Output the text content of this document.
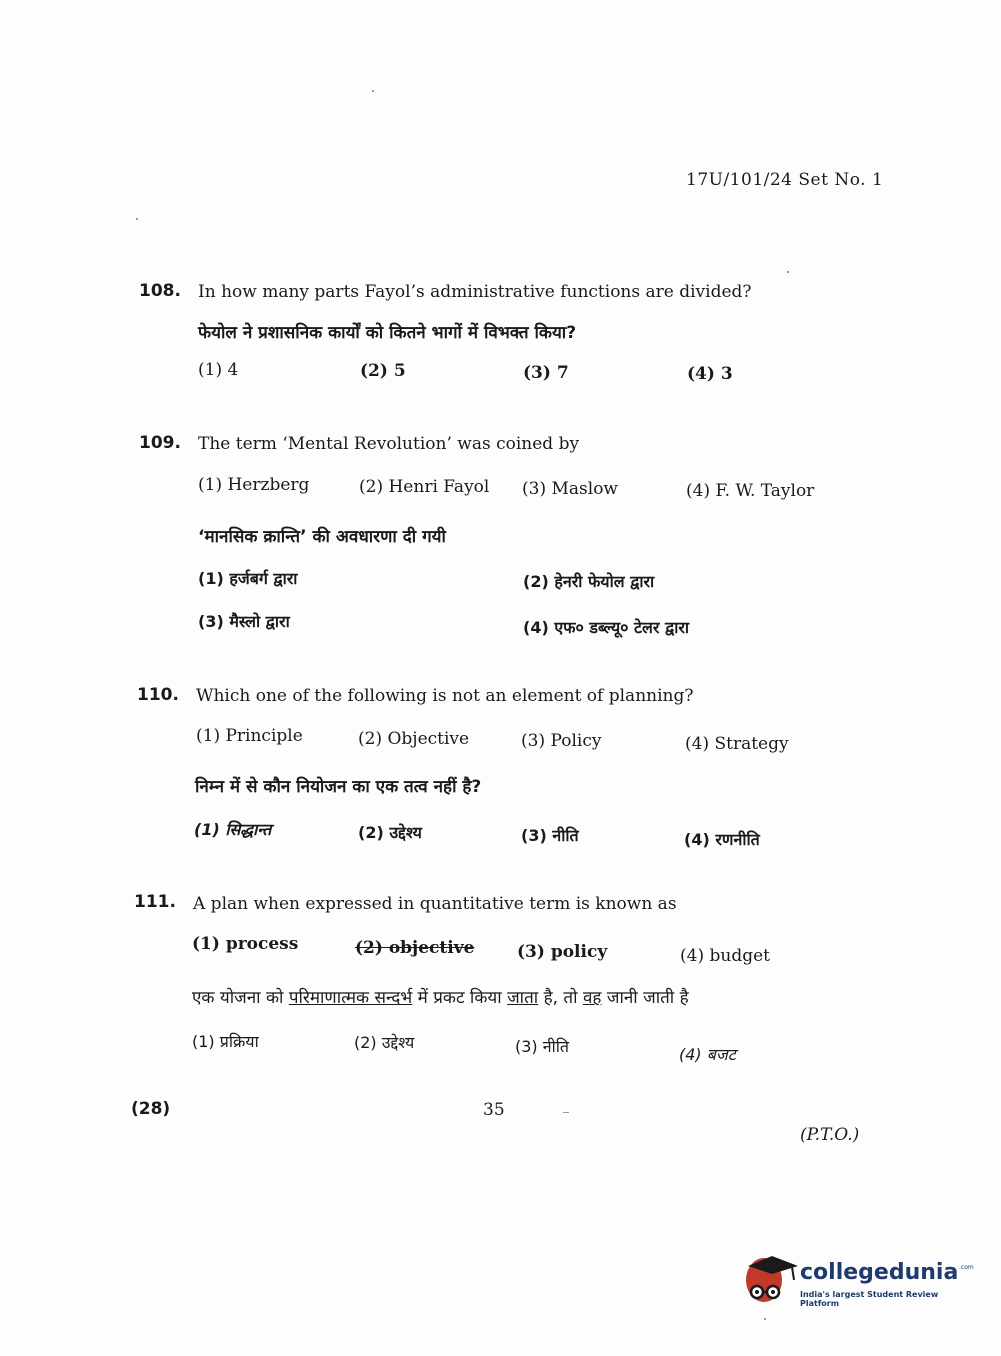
17U/101/24 Set No. 1
108. In how many parts Fayol’s administrative functions are divided?
फेयोल ने प्रशासनिक कार्यों को कितने भागों में विभक्त किया?
(1) 4	(2) 5	(3) 7	(4) 3
109. The term ‘Mental Revolution’ was coined by
(1) Herzberg	(2) Henri Fayol (3) Maslow	(4) F. W. Taylor
‘मानसिक क्रान्ति’ की अवधारणा दी गयी
(1) हर्जबर्ग द्वारा	(2) हेनरी फेयोल द्वारा
(3) मैस्लो द्वारा	(4) एफ० डब्ल्यू० टेलर द्वारा
110. Which one of the following is not an element of planning?
(1) Principle	(2) Objective	(3) Policy	(4) Strategy
निम्न में से कौन नियोजन का एक तत्व नहीं है?
(1) सिद्धान्त	(2) उद्देश्य	(3) नीति	(4) रणनीति
111. A plan when expressed in quantitative term is known as
(1) process	(2) objective	(3) policy	(4) budget
एक योजना को परिमाणात्मक सन्दर्भ में प्रकट किया जाता है, तो वह जानी जाती है
(1) प्रक्रिया	(2) उद्देश्य	(3) नीति	(4) बजट
(28)	35
(P.T.O.)
collegedunia .com
India's largest Student Review Platform
